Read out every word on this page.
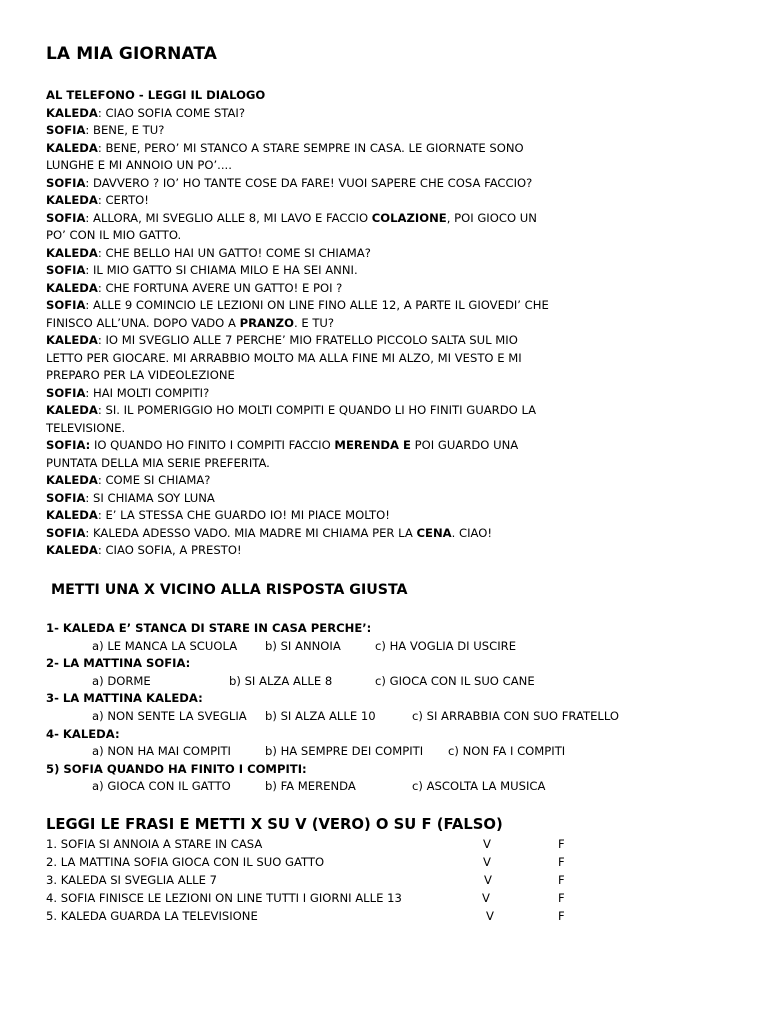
LA MIA GIORNATA
AL TELEFONO - LEGGI IL DIALOGO
KALEDA: CIAO SOFIA COME STAI?
SOFIA: BENE, E TU?
KALEDA: BENE, PERO’ MI STANCO A STARE SEMPRE IN CASA. LE GIORNATE SONO
LUNGHE E MI ANNOIO UN PO’....
SOFIA: DAVVERO ? IO’ HO TANTE COSE DA FARE! VUOI SAPERE CHE COSA FACCIO?
KALEDA: CERTO!
SOFIA: ALLORA, MI SVEGLIO ALLE 8, MI LAVO E FACCIO COLAZIONE, POI GIOCO UN
PO’ CON IL MIO GATTO.
KALEDA: CHE BELLO HAI UN GATTO! COME SI CHIAMA?
SOFIA: IL MIO GATTO SI CHIAMA MILO E HA SEI ANNI.
KALEDA: CHE FORTUNA AVERE UN GATTO! E POI ?
SOFIA: ALLE 9 COMINCIO LE LEZIONI ON LINE FINO ALLE 12, A PARTE IL GIOVEDI’ CHE
FINISCO ALL’UNA. DOPO VADO A PRANZO. E TU?
KALEDA: IO MI SVEGLIO ALLE 7 PERCHE’ MIO FRATELLO PICCOLO SALTA SUL MIO
LETTO PER GIOCARE. MI ARRABBIO MOLTO MA ALLA FINE MI ALZO, MI VESTO E MI
PREPARO PER LA VIDEOLEZIONE
SOFIA: HAI MOLTI COMPITI?
KALEDA: SI. IL POMERIGGIO HO MOLTI COMPITI E QUANDO LI HO FINITI GUARDO LA
TELEVISIONE.
SOFIA: IO QUANDO HO FINITO I COMPITI FACCIO MERENDA E POI GUARDO UNA
PUNTATA DELLA MIA SERIE PREFERITA.
KALEDA: COME SI CHIAMA?
SOFIA: SI CHIAMA SOY LUNA
KALEDA: E’ LA STESSA CHE GUARDO IO! MI PIACE MOLTO!
SOFIA: KALEDA ADESSO VADO. MIA MADRE MI CHIAMA PER LA CENA. CIAO!
KALEDA: CIAO SOFIA, A PRESTO!
METTI UNA X VICINO ALLA RISPOSTA GIUSTA
1- KALEDA E’ STANCA DI STARE IN CASA PERCHE’:
a) LE MANCA LA SCUOLA b) SI ANNOIA	c) HA VOGLIA DI USCIRE
2- LA MATTINA SOFIA:
a) DORME	b) SI ALZA ALLE 8	c) GIOCA CON IL SUO CANE
3- LA MATTINA KALEDA:
a) NON SENTE LA SVEGLIA b) SI ALZA ALLE 10	c) SI ARRABBIA CON SUO FRATELLO
4- KALEDA:
a) NON HA MAI COMPITI	b) HA SEMPRE DEI COMPITI c) NON FA I COMPITI
5) SOFIA QUANDO HA FINITO I COMPITI:
a) GIOCA CON IL GATTO	b) FA MERENDA	c) ASCOLTA LA MUSICA
LEGGI LE FRASI E METTI X SU V (VERO) O SU F (FALSO)
1. SOFIA SI ANNOIA A STARE IN CASA	V	F
2. LA MATTINA SOFIA GIOCA CON IL SUO GATTO	V	F
3. KALEDA SI SVEGLIA ALLE 7	V	F
4. SOFIA FINISCE LE LEZIONI ON LINE TUTTI I GIORNI ALLE 13	V	F
5. KALEDA GUARDA LA TELEVISIONE	V	F
